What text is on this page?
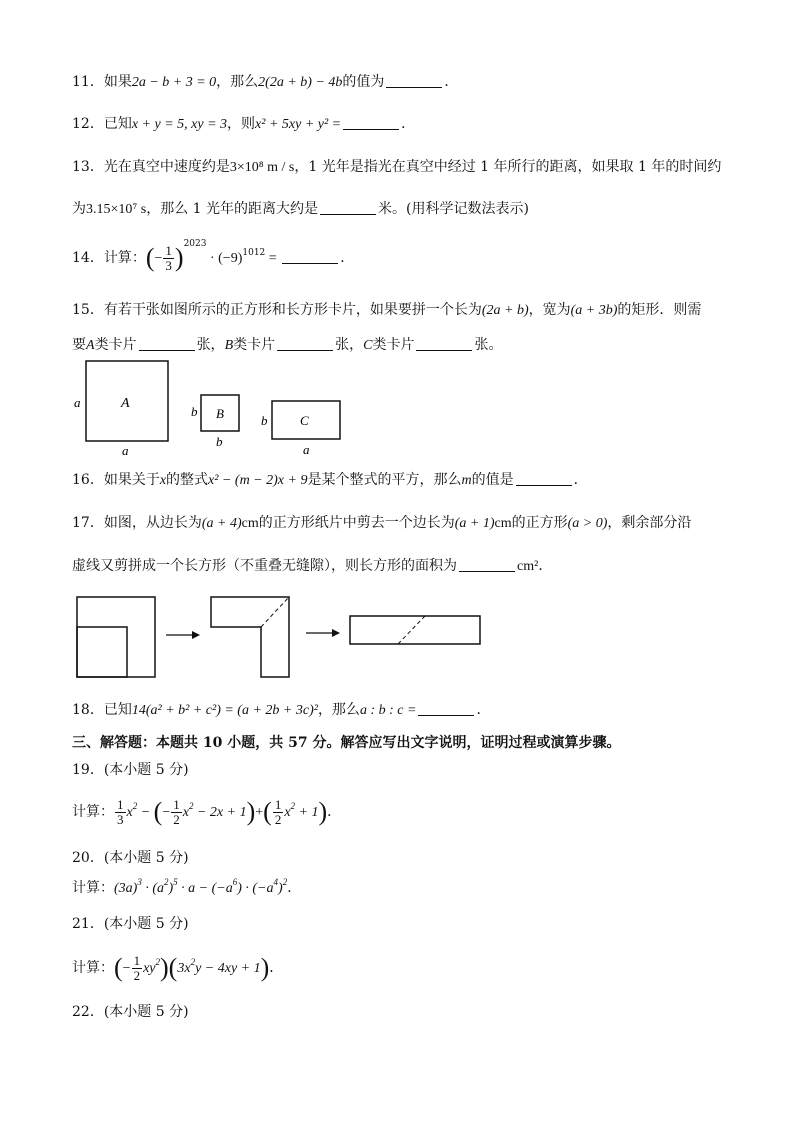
11．如果2a − b + 3 = 0，那么2(2a + b) − 4b的值为	．
12．已知x + y = 5, xy = 3，则x² + 5xy + y² =	．
13．光在真空中速度约是3×10⁸ m / s，1 光年是指光在真空中经过 1 年所行的距离，如果取 1 年的时间约
为3.15×10⁷ s，那么 1 光年的距离大约是	米。(用科学记数法表示)
14．计算：(− $\frac{1}{3} )^{2023} \cdot (-9)^{1012}$ =	．
15．有若干张如图所示的正方形和长方形卡片，如果要拼一个长为(2a + b)，宽为(a + 3b)的矩形．则需
要A类卡片	张，B类卡片	张，C类卡片	张。
A
a
a
B
b
b
C
b
a
16．如果关于x的整式x² − (m − 2)x + 9是某个整式的平方，那么m的值是	．
17．如图，从边长为(a + 4)cm的正方形纸片中剪去一个边长为(a + 1)cm的正方形(a > 0)，剩余部分沿
虚线又剪拼成一个长方形（不重叠无缝隙），则长方形的面积为	cm²．
18．已知14(a² + b² + c²) = (a + 2b + 3c)²，那么a : b : c =	．
三、解答题：本题共 10 小题，共 57 分。解答应写出文字说明，证明过程或演算步骤。
19．(本小题 5 分)
计算： $\frac{1}{3} x^2$ − (− $\frac{1}{2} x^2 - 2x + 1)+( \frac{1}{2} x^2 + 1)$．
20．(本小题 5 分)
计算：$(3a)^3 \cdot (a^2)^5 \cdot a - (-a^6) \cdot (-a^4)^2$．
21．(本小题 5 分)
计算：(− $\frac{1}{2} xy^2)(3x^2y - 4xy + 1)$．
22．(本小题 5 分)
